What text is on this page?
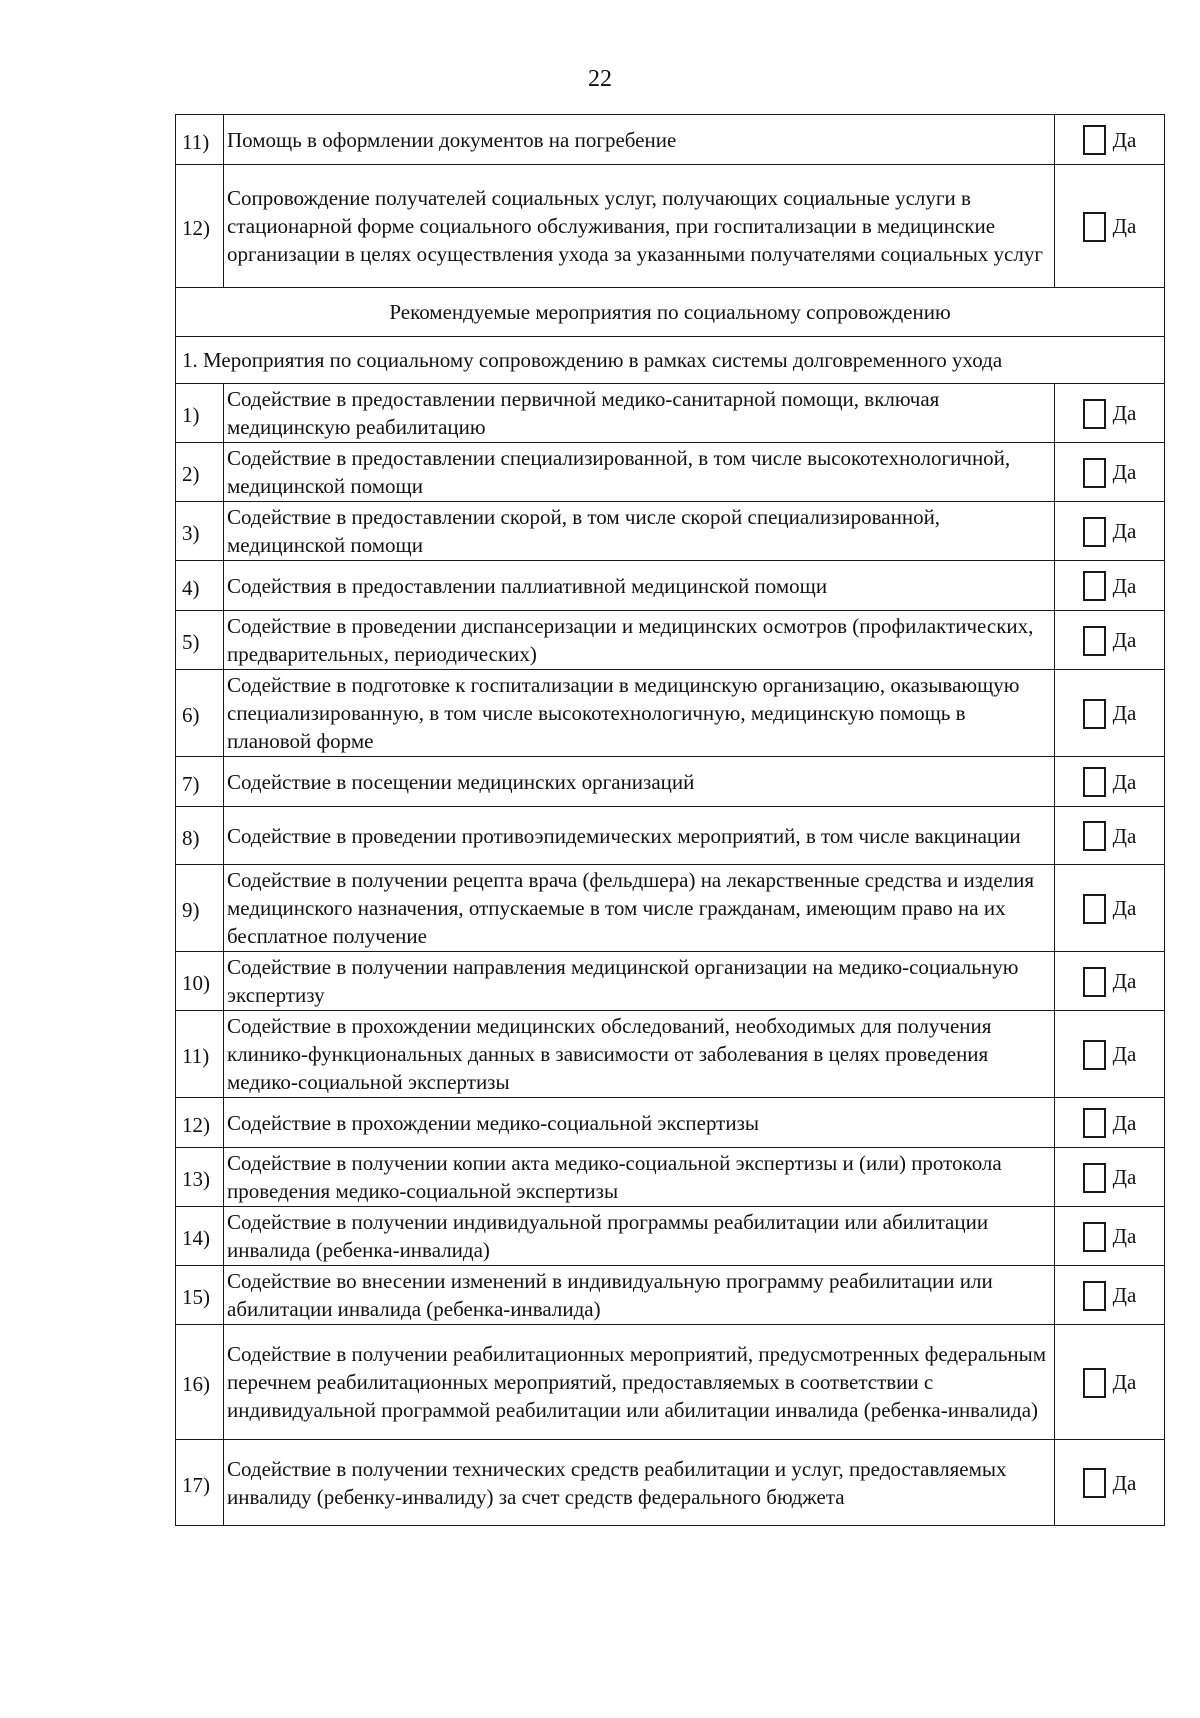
22
11)	Помощь в оформлении документов на погребение	Да
12)	Сопровождение получателей социальных услуг, получающих социальные услуги в стационарной форме социального обслуживания, при госпитализации в медицинские организации в целях осуществления ухода за указанными получателями социальных услуг	Да
Рекомендуемые мероприятия по социальному сопровождению		
1. Мероприятия по социальному сопровождению в рамках системы долговременного ухода		
1)	Содействие в предоставлении первичной медико-санитарной помощи, включая медицинскую реабилитацию	Да
2)	Содействие в предоставлении специализированной, в том числе высокотехнологичной, медицинской помощи	Да
3)	Содействие в предоставлении скорой, в том числе скорой специализированной, медицинской помощи	Да
4)	Содействия в предоставлении паллиативной медицинской помощи	Да
5)	Содействие в проведении диспансеризации и медицинских осмотров (профилактических, предварительных, периодических)	Да
6)	Содействие в подготовке к госпитализации в медицинскую организацию, оказывающую специализированную, в том числе высокотехнологичную, медицинскую помощь в плановой форме	Да
7)	Содействие в посещении медицинских организаций	Да
8)	Содействие в проведении противоэпидемических мероприятий, в том числе вакцинации	Да
9)	Содействие в получении рецепта врача (фельдшера) на лекарственные средства и изделия медицинского назначения, отпускаемые в том числе гражданам, имеющим право на их бесплатное получение	Да
10)	Содействие в получении направления медицинской организации на медико-социальную экспертизу	Да
11)	Содействие в прохождении медицинских обследований, необходимых для получения клинико-функциональных данных в зависимости от заболевания в целях проведения медико-социальной экспертизы	Да
12)	Содействие в прохождении медико-социальной экспертизы	Да
13)	Содействие в получении копии акта медико-социальной экспертизы и (или) протокола проведения медико-социальной экспертизы	Да
14)	Содействие в получении индивидуальной программы реабилитации или абилитации инвалида (ребенка-инвалида)	Да
15)	Содействие во внесении изменений в индивидуальную программу реабилитации или абилитации инвалида (ребенка-инвалида)	Да
16)	Содействие в получении реабилитационных мероприятий, предусмотренных федеральным перечнем реабилитационных мероприятий, предоставляемых в соответствии с индивидуальной программой реабилитации или абилитации инвалида (ребенка-инвалида)	Да
17)	Содействие в получении технических средств реабилитации и услуг, предоставляемых инвалиду (ребенку-инвалиду) за счет средств федерального бюджета	Да
